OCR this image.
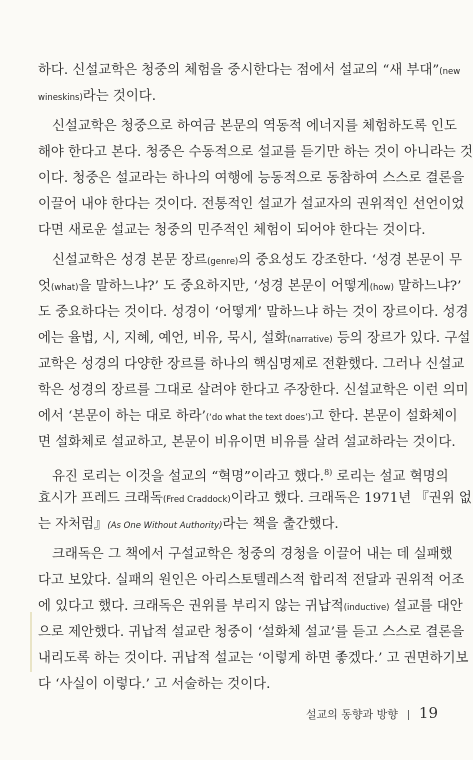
하다. 신설교학은 청중의 체험을 중시한다는 점에서 설교의 “새 부대”(new
wineskins)라는 것이다.
신설교학은 청중으로 하여금 본문의 역동적 에너지를 체험하도록 인도
해야 한다고 본다. 청중은 수동적으로 설교를 듣기만 하는 것이 아니라는 것
이다. 청중은 설교라는 하나의 여행에 능동적으로 동참하여 스스로 결론을
이끌어 내야 한다는 것이다. 전통적인 설교가 설교자의 권위적인 선언이었
다면 새로운 설교는 청중의 민주적인 체험이 되어야 한다는 것이다.
신설교학은 성경 본문 장르(genre)의 중요성도 강조한다. ‘성경 본문이 무
엇(what)을 말하느냐?’ 도 중요하지만, ‘성경 본문이 어떻게(how) 말하느냐?’
도 중요하다는 것이다. 성경이 ‘어떻게’ 말하느냐 하는 것이 장르이다. 성경
에는 율법, 시, 지혜, 예언, 비유, 묵시, 설화(narrative) 등의 장르가 있다. 구설
교학은 성경의 다양한 장르를 하나의 핵심명제로 전환했다. 그러나 신설교
학은 성경의 장르를 그대로 살려야 한다고 주장한다. 신설교학은 이런 의미
에서 ‘본문이 하는 대로 하라’(‘do what the text does’)고 한다. 본문이 설화체이
면 설화체로 설교하고, 본문이 비유이면 비유를 살려 설교하라는 것이다.
유진 로리는 이것을 설교의 “혁명”이라고 했다.$^{8)}$ 로리는 설교 혁명의
효시가 프레드 크래독(Fred Craddock)이라고 했다. 크래독은 1971년 『권위 없
는 자처럼』(As One Without Authority)라는 책을 출간했다.
크래독은 그 책에서 구설교학은 청중의 경청을 이끌어 내는 데 실패했
다고 보았다. 실패의 원인은 아리스토텔레스적 합리적 전달과 권위적 어조
에 있다고 했다. 크래독은 권위를 부리지 않는 귀납적(inductive) 설교를 대안
으로 제안했다. 귀납적 설교란 청중이 ‘설화체 설교’를 듣고 스스로 결론을
내리도록 하는 것이다. 귀납적 설교는 ‘이렇게 하면 좋겠다.’ 고 권면하기보
다 ‘사실이 이렇다.’ 고 서술하는 것이다.
설교의 동향과 방향 19
